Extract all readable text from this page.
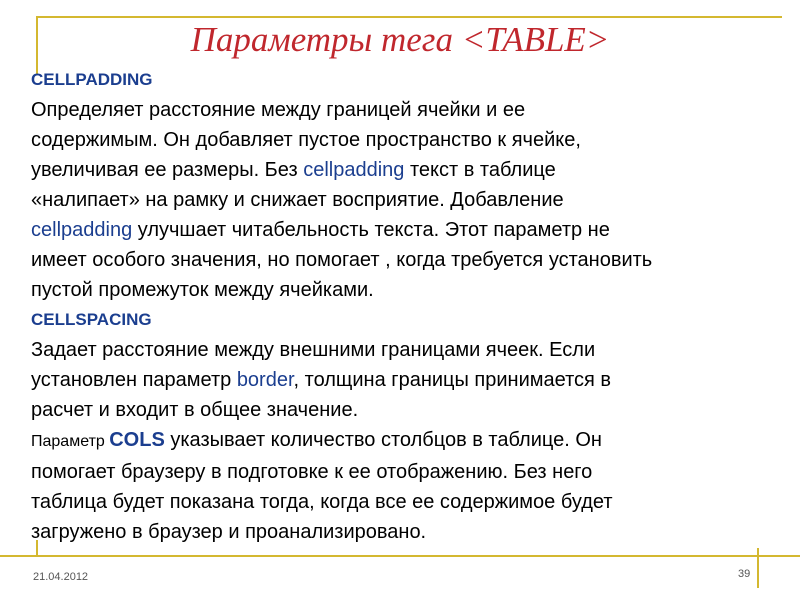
Параметры тега <TABLE>
CELLPADDING
Определяет расстояние между границей ячейки и ее
содержимым. Он добавляет пустое пространство к ячейке,
увеличивая ее размеры. Без cellpadding текст в таблице
«налипает» на рамку и снижает восприятие. Добавление
cellpadding улучшает читабельность текста. Этот параметр не
имеет особого значения, но помогает , когда требуется установить
пустой промежуток между ячейками.
CELLSPACING
Задает расстояние между внешними границами ячеек. Если
установлен параметр border, толщина границы принимается в
расчет и входит в общее значение.
Параметр COLS указывает количество столбцов в таблице. Он
помогает браузеру в подготовке к ее отображению. Без него
таблица будет показана тогда, когда все ее содержимое будет
загружено в браузер и проанализировано.
21.04.2012	39
